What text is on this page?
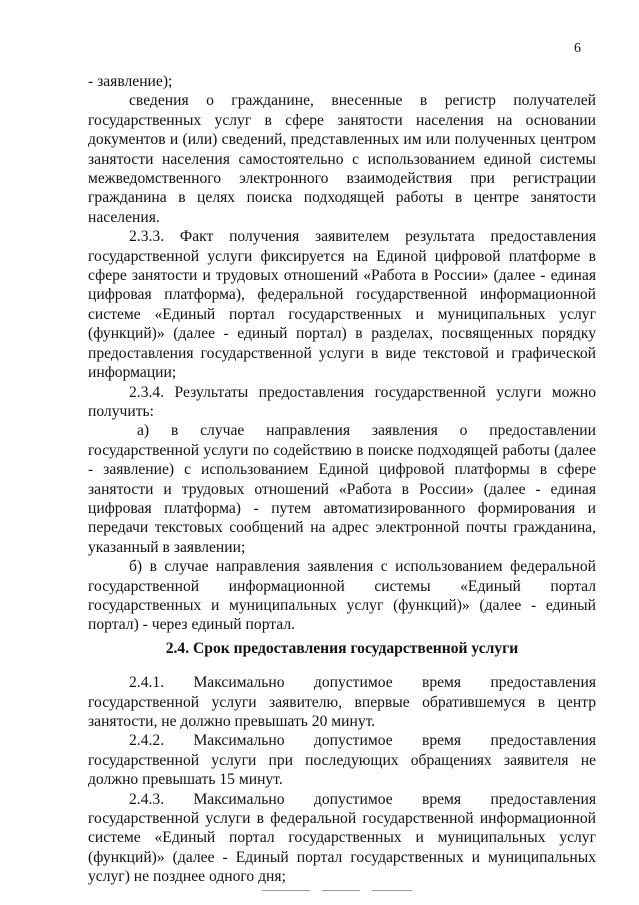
6

- заявление);

сведения о гражданине, внесенные в регистр получателей государственных услуг в сфере занятости населения на основании документов и (или) сведений, представленных им или полученных центром занятости населения самостоятельно с использованием единой системы межведомственного электронного взаимодействия при регистрации гражданина в целях поиска подходящей работы в центре занятости населения.

2.3.3. Факт получения заявителем результата предоставления государственной услуги фиксируется на Единой цифровой платформе в сфере занятости и трудовых отношений «Работа в России» (далее - единая цифровая платформа), федеральной государственной информационной системе «Единый портал государственных и муниципальных услуг (функций)» (далее - единый портал) в разделах, посвященных порядку предоставления государственной услуги в виде текстовой и графической информации;

2.3.4. Результаты предоставления государственной услуги можно получить:

а) в случае направления заявления о предоставлении государственной услуги по содействию в поиске подходящей работы (далее - заявление) с использованием Единой цифровой платформы в сфере занятости и трудовых отношений «Работа в России» (далее - единая цифровая платформа) - путем автоматизированного формирования и передачи текстовых сообщений на адрес электронной почты гражданина, указанный в заявлении;

б) в случае направления заявления с использованием федеральной государственной информационной системы «Единый портал государственных и муниципальных услуг (функций)» (далее - единый портал) - через единый портал.

2.4. Срок предоставления государственной услуги

2.4.1. Максимально допустимое время предоставления государственной услуги заявителю, впервые обратившемуся в центр занятости, не должно превышать 20 минут.

2.4.2. Максимально допустимое время предоставления государственной услуги при последующих обращениях заявителя не должно превышать 15 минут.

2.4.3. Максимально допустимое время предоставления государственной услуги в федеральной государственной информационной системе «Единый портал государственных и муниципальных услуг (функций)» (далее - Единый портал государственных и муниципальных услуг) не позднее одного дня;
